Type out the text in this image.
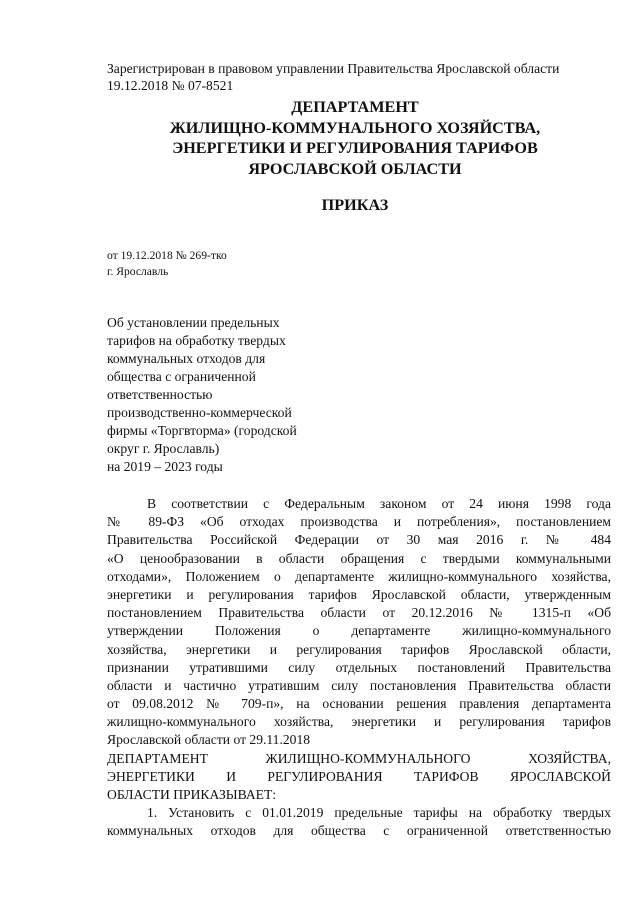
Зарегистрирован в правовом управлении Правительства Ярославской области
19.12.2018 № 07-8521
ДЕПАРТАМЕНТ
ЖИЛИЩНО-КОММУНАЛЬНОГО ХОЗЯЙСТВА,
ЭНЕРГЕТИКИ И РЕГУЛИРОВАНИЯ ТАРИФОВ
ЯРОСЛАВСКОЙ ОБЛАСТИ
ПРИКАЗ
от 19.12.2018 № 269-тко
г. Ярославль
Об установлении предельных
тарифов на обработку твердых
коммунальных отходов для
общества с ограниченной
ответственностью
производственно-коммерческой
фирмы «Торгвторма» (городской
округ г. Ярославль)
на 2019 – 2023 годы
В соответствии с Федеральным законом от 24 июня 1998 года
№ 89-ФЗ «Об отходах производства и потребления», постановлением
Правительства Российской Федерации от 30 мая 2016 г. № 484
«О ценообразовании в области обращения с твердыми коммунальными
отходами», Положением о департаменте жилищно-коммунального хозяйства,
энергетики и регулирования тарифов Ярославской области, утвержденным
постановлением Правительства области от 20.12.2016 № 1315-п «Об
утверждении Положения о департаменте жилищно-коммунального
хозяйства, энергетики и регулирования тарифов Ярославской области,
признании утратившими силу отдельных постановлений Правительства
области и частично утратившим силу постановления Правительства области
от 09.08.2012 № 709-п», на основании решения правления департамента
жилищно-коммунального хозяйства, энергетики и регулирования тарифов
Ярославской области от 29.11.2018
ДЕПАРТАМЕНТ ЖИЛИЩНО-КОММУНАЛЬНОГО ХОЗЯЙСТВА,
ЭНЕРГЕТИКИ И РЕГУЛИРОВАНИЯ ТАРИФОВ ЯРОСЛАВСКОЙ
ОБЛАСТИ ПРИКАЗЫВАЕТ:
1. Установить с 01.01.2019 предельные тарифы на обработку твердых
коммунальных отходов для общества с ограниченной ответственностью
